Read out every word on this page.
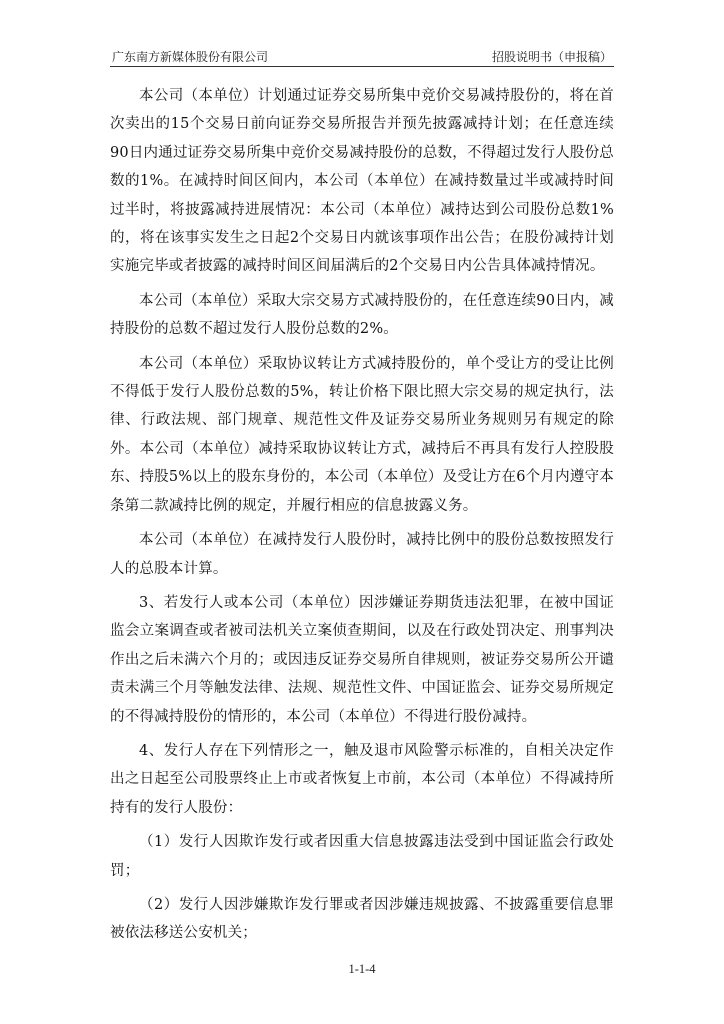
广东南方新媒体股份有限公司	招股说明书（申报稿）

本公司（本单位）计划通过证券交易所集中竞价交易减持股份的，将在首次卖出的15个交易日前向证券交易所报告并预先披露减持计划；在任意连续90日内通过证券交易所集中竞价交易减持股份的总数，不得超过发行人股份总数的1%。在减持时间区间内，本公司（本单位）在减持数量过半或减持时间过半时，将披露减持进展情况：本公司（本单位）减持达到公司股份总数1%的，将在该事实发生之日起2个交易日内就该事项作出公告；在股份减持计划实施完毕或者披露的减持时间区间届满后的2个交易日内公告具体减持情况。

本公司（本单位）采取大宗交易方式减持股份的，在任意连续90日内，减持股份的总数不超过发行人股份总数的2%。

本公司（本单位）采取协议转让方式减持股份的，单个受让方的受让比例不得低于发行人股份总数的5%，转让价格下限比照大宗交易的规定执行，法律、行政法规、部门规章、规范性文件及证券交易所业务规则另有规定的除外。本公司（本单位）减持采取协议转让方式，减持后不再具有发行人控股股东、持股5%以上的股东身份的，本公司（本单位）及受让方在6个月内遵守本条第二款减持比例的规定，并履行相应的信息披露义务。

本公司（本单位）在减持发行人股份时，减持比例中的股份总数按照发行人的总股本计算。

3、若发行人或本公司（本单位）因涉嫌证券期货违法犯罪，在被中国证监会立案调查或者被司法机关立案侦查期间，以及在行政处罚决定、刑事判决作出之后未满六个月的；或因违反证券交易所自律规则，被证券交易所公开谴责未满三个月等触发法律、法规、规范性文件、中国证监会、证券交易所规定的不得减持股份的情形的，本公司（本单位）不得进行股份减持。

4、发行人存在下列情形之一，触及退市风险警示标准的，自相关决定作出之日起至公司股票终止上市或者恢复上市前，本公司（本单位）不得减持所持有的发行人股份：

（1）发行人因欺诈发行或者因重大信息披露违法受到中国证监会行政处罚；

（2）发行人因涉嫌欺诈发行罪或者因涉嫌违规披露、不披露重要信息罪被依法移送公安机关；

1-1-4
